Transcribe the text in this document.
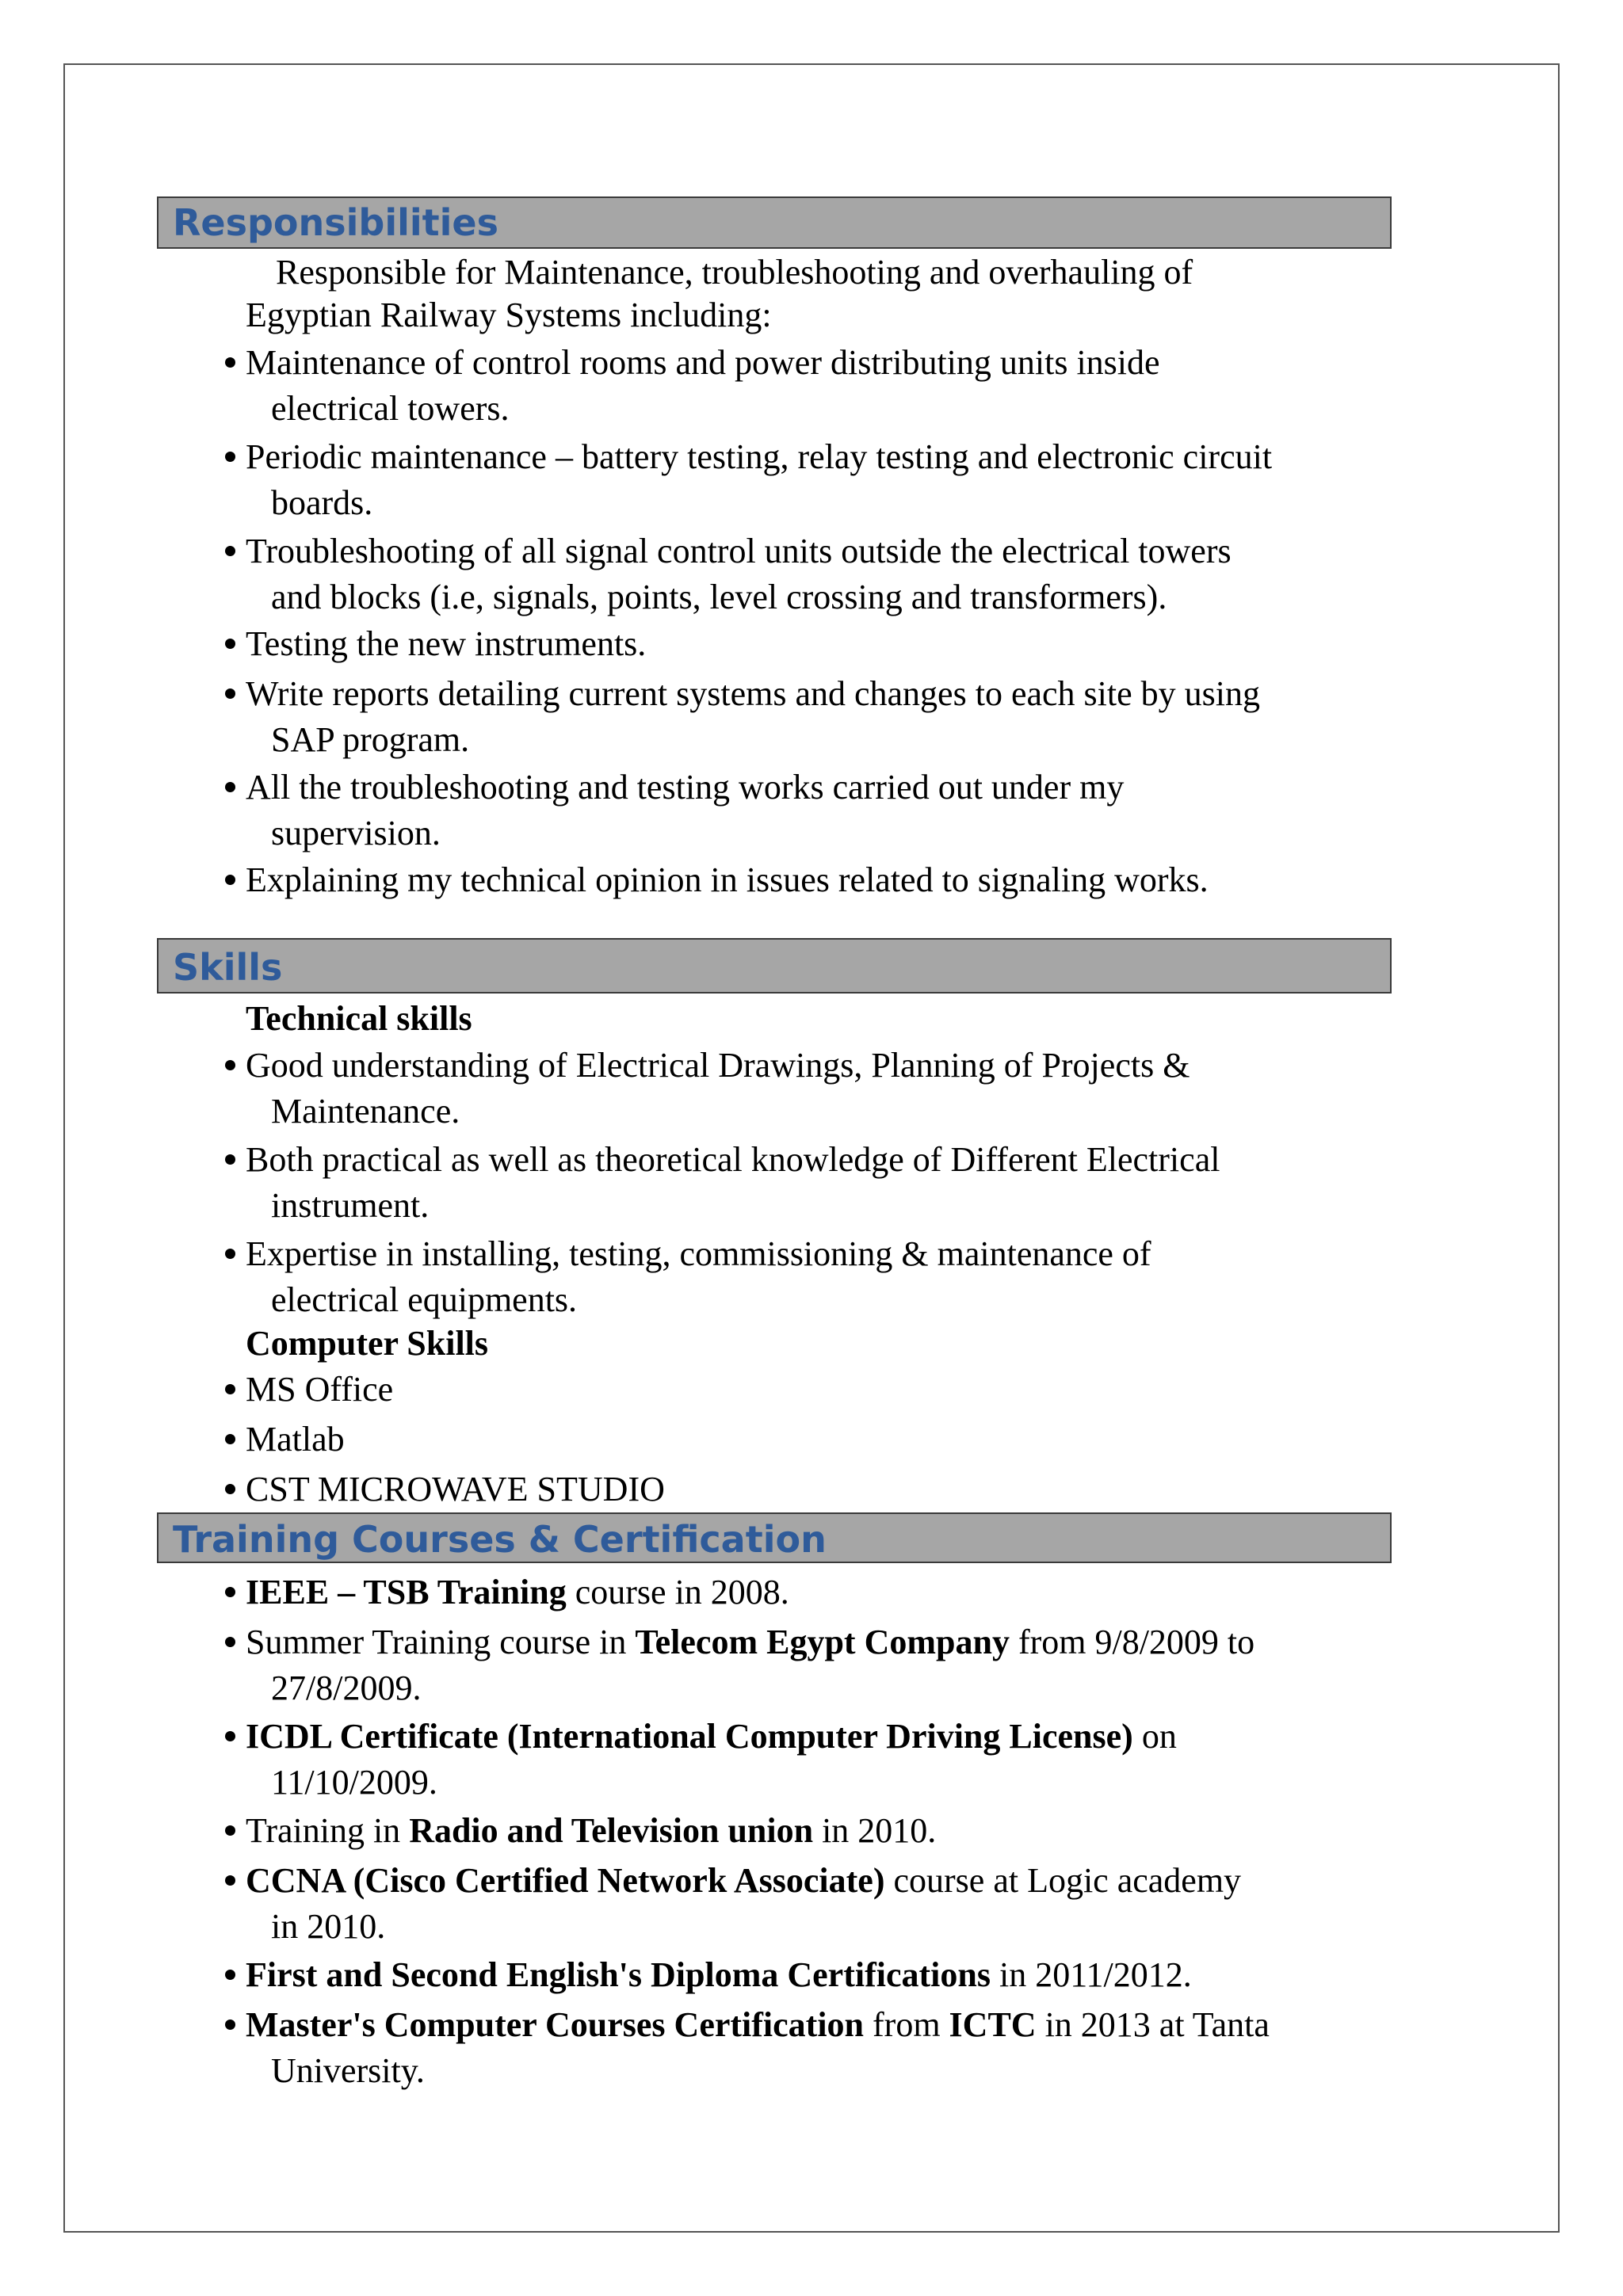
Responsibilities
Responsible for Maintenance, troubleshooting and overhauling of
Egyptian Railway Systems including:
Maintenance of control rooms and power distributing units inside
electrical towers.
Periodic maintenance – battery testing, relay testing and electronic circuit
boards.
Troubleshooting of all signal control units outside the electrical towers
and blocks (i.e, signals, points, level crossing and transformers).
Testing the new instruments.
Write reports detailing current systems and changes to each site by using
SAP program.
All the troubleshooting and testing works carried out under my
supervision.
Explaining my technical opinion in issues related to signaling works.
Skills
Technical skills
Good understanding of Electrical Drawings, Planning of Projects &
Maintenance.
Both practical as well as theoretical knowledge of Different Electrical
instrument.
Expertise in installing, testing, commissioning & maintenance of
electrical equipments.
Computer Skills
MS Office
Matlab
CST MICROWAVE STUDIO
Training Courses & Certification
IEEE – TSB Training course in 2008.
Summer Training course in Telecom Egypt Company from 9/8/2009 to
27/8/2009.
ICDL Certificate (International Computer Driving License) on
11/10/2009.
Training in Radio and Television union in 2010.
CCNA (Cisco Certified Network Associate) course at Logic academy
in 2010.
First and Second English's Diploma Certifications in 2011/2012.
Master's Computer Courses Certification from ICTC in 2013 at Tanta
University.
